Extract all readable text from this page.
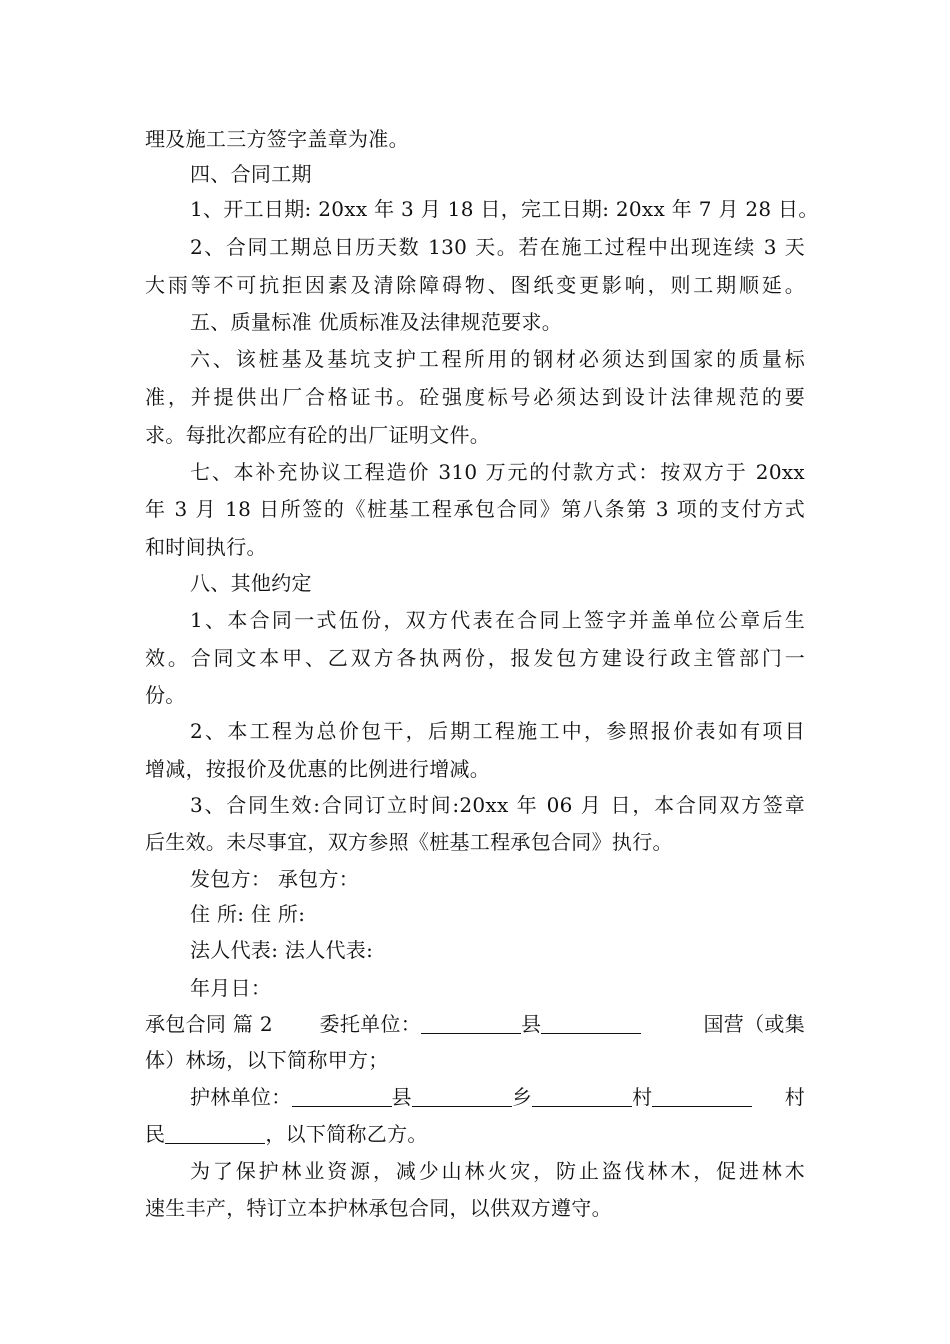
理及施工三方签字盖章为准。
四、合同工期
1、开工日期: 20xx 年 3 月 18 日，完工日期: 20xx 年 7 月 28 日。
2、合同工期总日历天数 130 天。若在施工过程中出现连续 3 天
大雨等不可抗拒因素及清除障碍物、图纸变更影响，则工期顺延。
五、质量标准 优质标准及法律规范要求。
六、该桩基及基坑支护工程所用的钢材必须达到国家的质量标
准，并提供出厂合格证书。砼强度标号必须达到设计法律规范的要
求。每批次都应有砼的出厂证明文件。
七、本补充协议工程造价 310 万元的付款方式：按双方于 20xx
年 3 月 18 日所签的《桩基工程承包合同》第八条第 3 项的支付方式
和时间执行。
八、其他约定
1、本合同一式伍份，双方代表在合同上签字并盖单位公章后生
效。合同文本甲、乙双方各执两份，报发包方建设行政主管部门一
份。
2、本工程为总价包干，后期工程施工中，参照报价表如有项目
增减，按报价及优惠的比例进行增减。
3、合同生效:合同订立时间:20xx 年 06 月 日，本合同双方签章
后生效。未尽事宜，双方参照《桩基工程承包合同》执行。
发包方： 承包方：
住 所: 住 所:
法人代表: 法人代表:
年月日：
承包合同 篇 2 委托单位：	县	国营（或集
体）林场，以下简称甲方；
护林单位：	县	乡	村	村
民	，以下简称乙方。
为了保护林业资源，减少山林火灾，防止盗伐林木，促进林木
速生丰产，特订立本护林承包合同，以供双方遵守。
